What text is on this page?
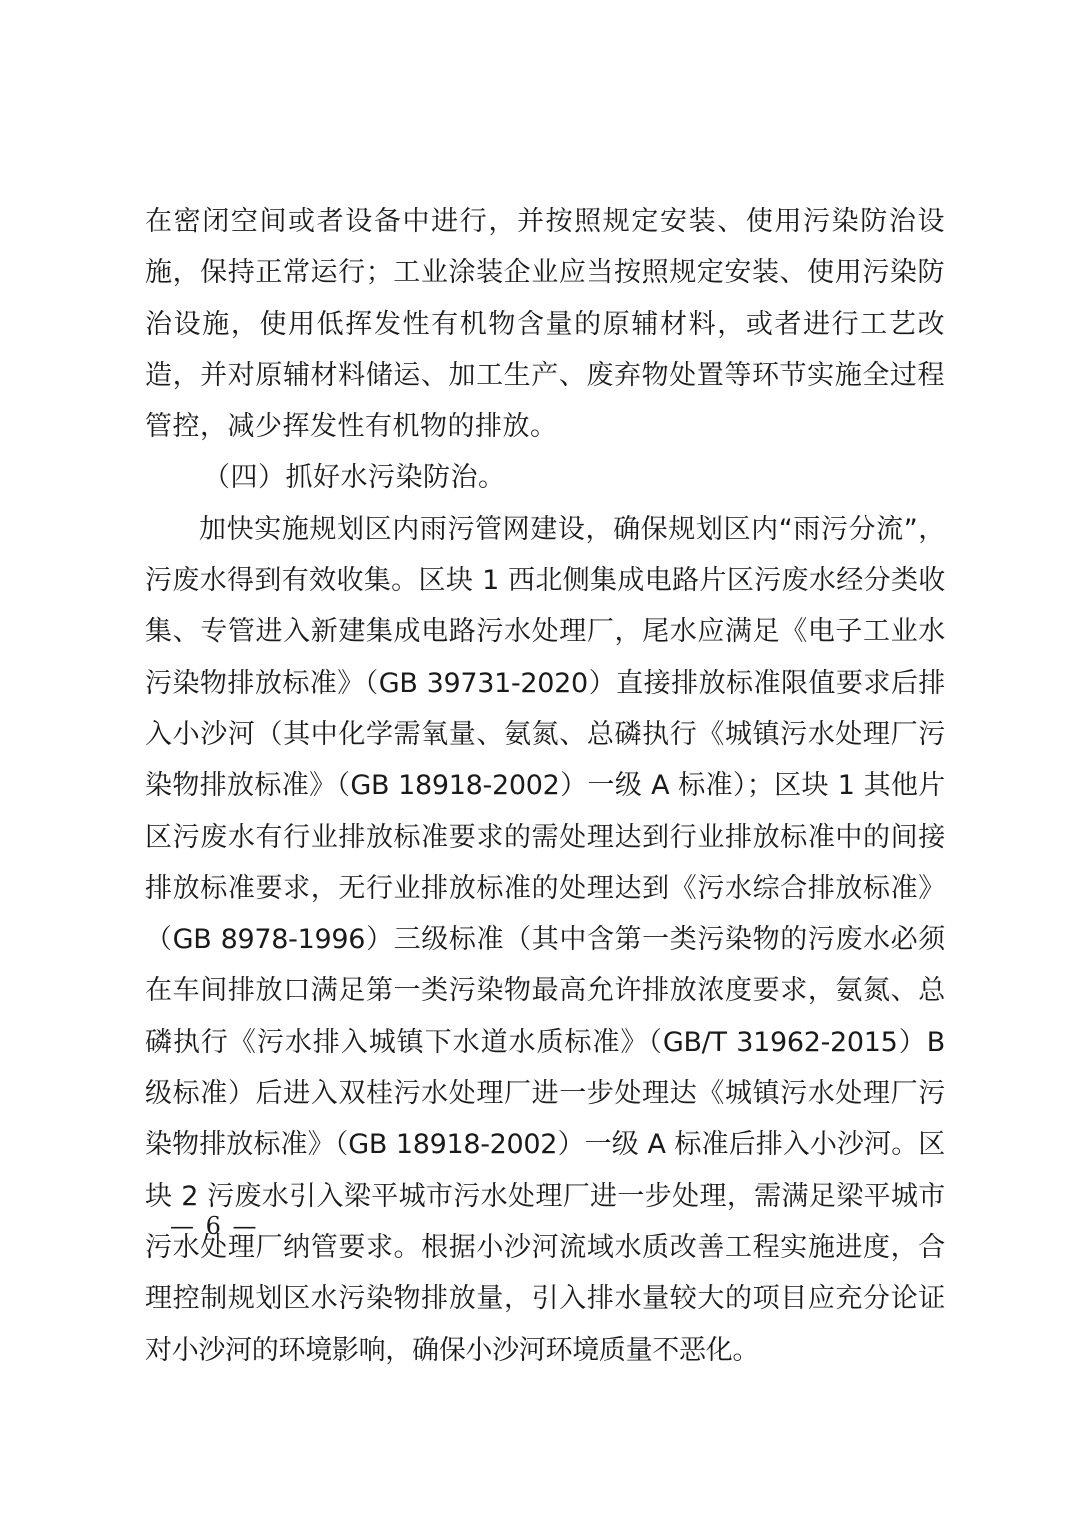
在密闭空间或者设备中进行，并按照规定安装、使用污染防治设施，保持正常运行；工业涂装企业应当按照规定安装、使用污染防治设施，使用低挥发性有机物含量的原辅材料，或者进行工艺改造，并对原辅材料储运、加工生产、废弃物处置等环节实施全过程管控，减少挥发性有机物的排放。

（四）抓好水污染防治。

加快实施规划区内雨污管网建设，确保规划区内“雨污分流”，污废水得到有效收集。区块 1 西北侧集成电路片区污废水经分类收集、专管进入新建集成电路污水处理厂，尾水应满足《电子工业水污染物排放标准》（GB 39731-2020）直接排放标准限值要求后排入小沙河（其中化学需氧量、氨氮、总磷执行《城镇污水处理厂污染物排放标准》（GB 18918-2002）一级 A 标准）；区块 1 其他片区污废水有行业排放标准要求的需处理达到行业排放标准中的间接排放标准要求，无行业排放标准的处理达到《污水综合排放标准》（GB 8978-1996）三级标准（其中含第一类污染物的污废水必须在车间排放口满足第一类污染物最高允许排放浓度要求，氨氮、总磷执行《污水排入城镇下水道水质标准》（GB/T 31962-2015）B 级标准）后进入双桂污水处理厂进一步处理达《城镇污水处理厂污染物排放标准》（GB 18918-2002）一级 A 标准后排入小沙河。区块 2 污废水引入梁平城市污水处理厂进一步处理，需满足梁平城市污水处理厂纳管要求。根据小沙河流域水质改善工程实施进度，合理控制规划区水污染物排放量，引入排水量较大的项目应充分论证对小沙河的环境影响，确保小沙河环境质量不恶化。

— 6 —
